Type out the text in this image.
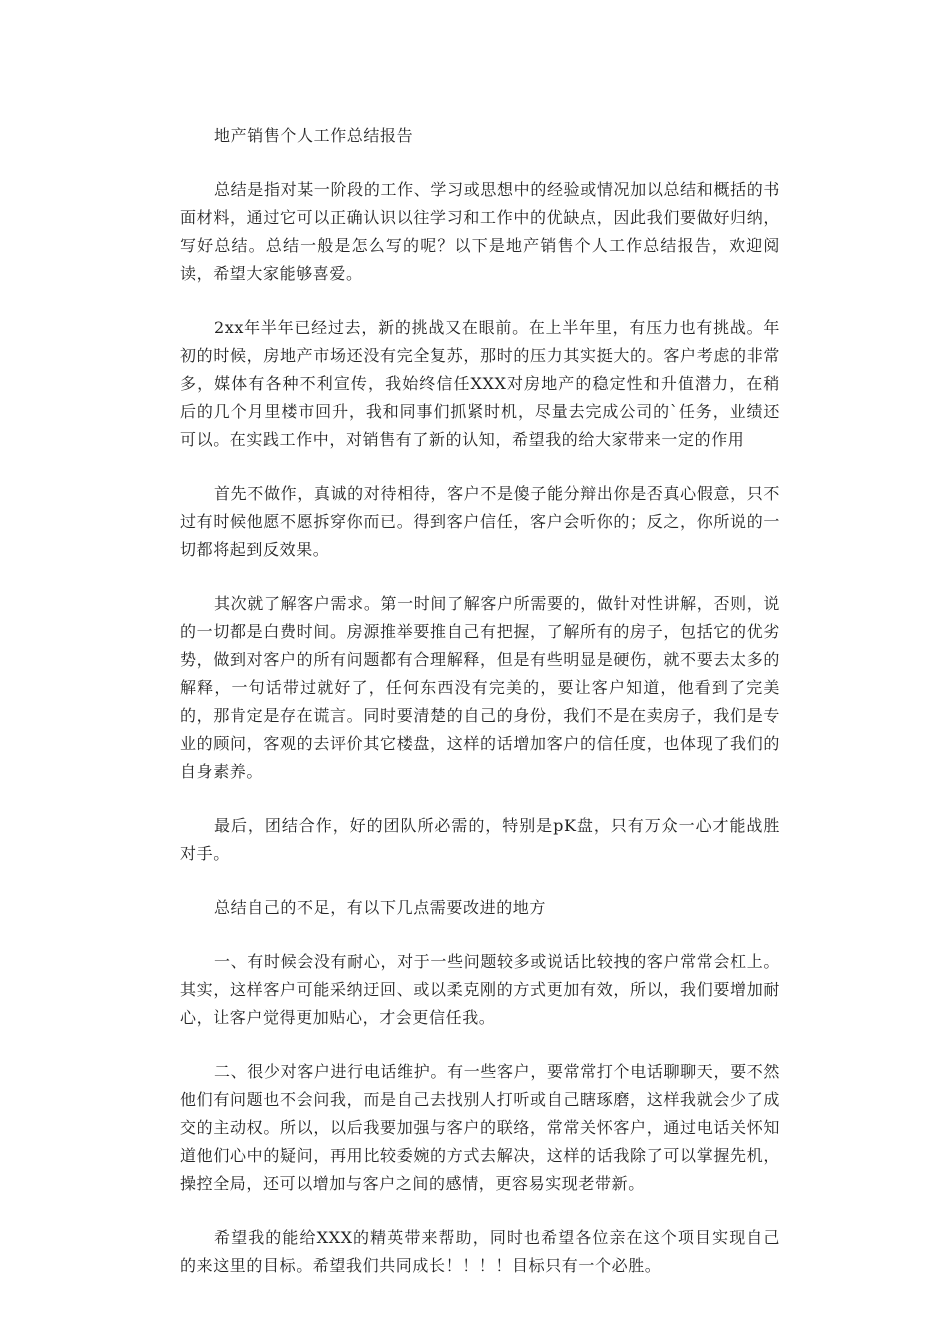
地产销售个人工作总结报告

总结是指对某一阶段的工作、学习或思想中的经验或情况加以总结和概括的书面材料，通过它可以正确认识以往学习和工作中的优缺点，因此我们要做好归纳，写好总结。总结一般是怎么写的呢？以下是地产销售个人工作总结报告，欢迎阅读，希望大家能够喜爱。

2xx年半年已经过去，新的挑战又在眼前。在上半年里，有压力也有挑战。年初的时候，房地产市场还没有完全复苏，那时的压力其实挺大的。客户考虑的非常多，媒体有各种不利宣传，我始终信任XXX对房地产的稳定性和升值潜力，在稍后的几个月里楼市回升，我和同事们抓紧时机，尽量去完成公司的`任务，业绩还可以。在实践工作中，对销售有了新的认知，希望我的给大家带来一定的作用

首先不做作，真诚的对待相待，客户不是傻子能分辩出你是否真心假意，只不过有时候他愿不愿拆穿你而已。得到客户信任，客户会听你的；反之，你所说的一切都将起到反效果。

其次就了解客户需求。第一时间了解客户所需要的，做针对性讲解，否则，说的一切都是白费时间。房源推举要推自己有把握，了解所有的房子，包括它的优劣势，做到对客户的所有问题都有合理解释，但是有些明显是硬伤，就不要去太多的解释，一句话带过就好了，任何东西没有完美的，要让客户知道，他看到了完美的，那肯定是存在谎言。同时要清楚的自己的身份，我们不是在卖房子，我们是专业的顾问，客观的去评价其它楼盘，这样的话增加客户的信任度，也体现了我们的自身素养。

最后，团结合作，好的团队所必需的，特别是pK盘，只有万众一心才能战胜对手。

总结自己的不足，有以下几点需要改进的地方

一、有时候会没有耐心，对于一些问题较多或说话比较拽的客户常常会杠上。其实，这样客户可能采纳迂回、或以柔克刚的方式更加有效，所以，我们要增加耐心，让客户觉得更加贴心，才会更信任我。

二、很少对客户进行电话维护。有一些客户，要常常打个电话聊聊天，要不然他们有问题也不会问我，而是自己去找别人打听或自己瞎琢磨，这样我就会少了成交的主动权。所以，以后我要加强与客户的联络，常常关怀客户，通过电话关怀知道他们心中的疑问，再用比较委婉的方式去解决，这样的话我除了可以掌握先机，操控全局，还可以增加与客户之间的感情，更容易实现老带新。

希望我的能给XXX的精英带来帮助，同时也希望各位亲在这个项目实现自己的来这里的目标。希望我们共同成长！！！！目标只有一个必胜。
